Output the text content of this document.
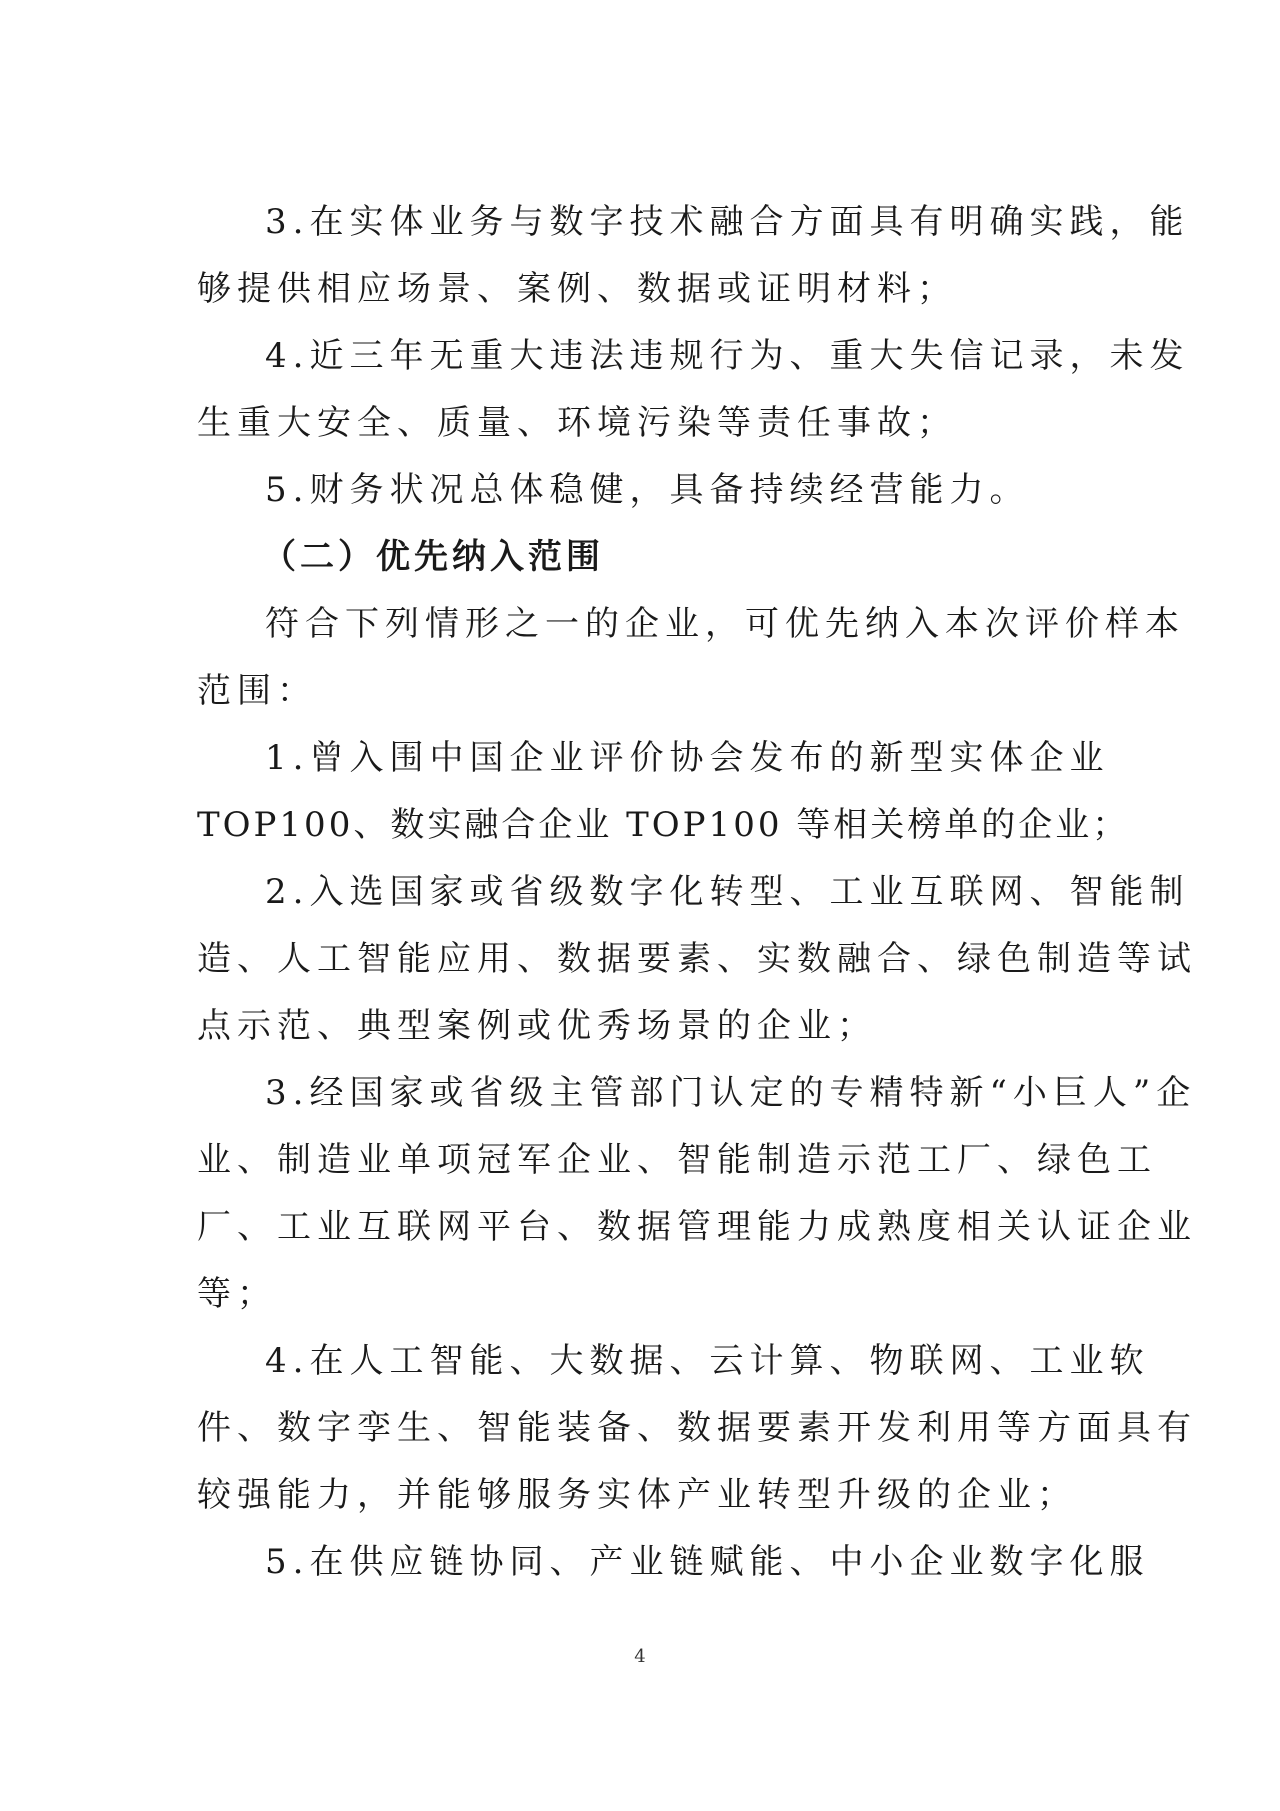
3.在实体业务与数字技术融合方面具有明确实践，能
够提供相应场景、案例、数据或证明材料；
4.近三年无重大违法违规行为、重大失信记录，未发
生重大安全、质量、环境污染等责任事故；
5.财务状况总体稳健，具备持续经营能力。
（二）优先纳入范围
符合下列情形之一的企业，可优先纳入本次评价样本
范围：
1.曾入围中国企业评价协会发布的新型实体企业
TOP100、数实融合企业 TOP100 等相关榜单的企业；
2.入选国家或省级数字化转型、工业互联网、智能制
造、人工智能应用、数据要素、实数融合、绿色制造等试
点示范、典型案例或优秀场景的企业；
3.经国家或省级主管部门认定的专精特新“小巨人”企
业、制造业单项冠军企业、智能制造示范工厂、绿色工
厂、工业互联网平台、数据管理能力成熟度相关认证企业
等；
4.在人工智能、大数据、云计算、物联网、工业软
件、数字孪生、智能装备、数据要素开发利用等方面具有
较强能力，并能够服务实体产业转型升级的企业；
5.在供应链协同、产业链赋能、中小企业数字化服
4
